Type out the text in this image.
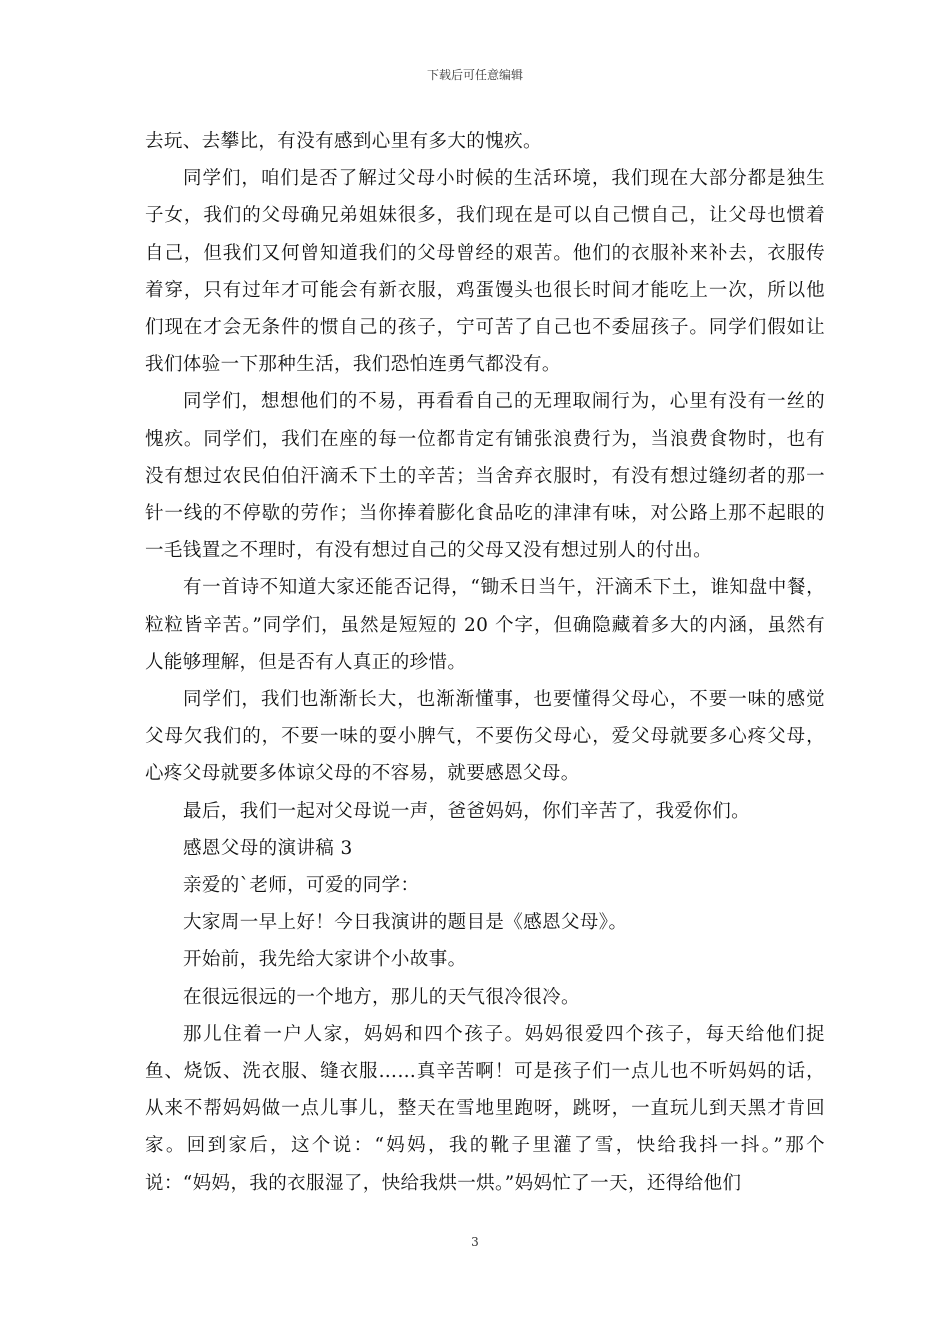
下载后可任意编辑

去玩、去攀比，有没有感到心里有多大的愧疚。

同学们，咱们是否了解过父母小时候的生活环境，我们现在大部分都是独生子女，我们的父母确兄弟姐妹很多，我们现在是可以自己惯自己，让父母也惯着自己，但我们又何曾知道我们的父母曾经的艰苦。他们的衣服补来补去，衣服传着穿，只有过年才可能会有新衣服，鸡蛋馒头也很长时间才能吃上一次，所以他们现在才会无条件的惯自己的孩子，宁可苦了自己也不委屈孩子。同学们假如让我们体验一下那种生活，我们恐怕连勇气都没有。

同学们，想想他们的不易，再看看自己的无理取闹行为，心里有没有一丝的愧疚。同学们，我们在座的每一位都肯定有铺张浪费行为，当浪费食物时，也有没有想过农民伯伯汗滴禾下土的辛苦；当舍弃衣服时，有没有想过缝纫者的那一针一线的不停歇的劳作；当你捧着膨化食品吃的津津有味，对公路上那不起眼的一毛钱置之不理时，有没有想过自己的父母又没有想过别人的付出。

有一首诗不知道大家还能否记得，“锄禾日当午，汗滴禾下土，谁知盘中餐，粒粒皆辛苦。”同学们，虽然是短短的 20 个字，但确隐藏着多大的内涵，虽然有人能够理解，但是否有人真正的珍惜。

同学们，我们也渐渐长大，也渐渐懂事，也要懂得父母心，不要一味的感觉父母欠我们的，不要一味的耍小脾气，不要伤父母心，爱父母就要多心疼父母，心疼父母就要多体谅父母的不容易，就要感恩父母。

最后，我们一起对父母说一声，爸爸妈妈，你们辛苦了，我爱你们。

感恩父母的演讲稿 3

亲爱的`老师，可爱的同学：

大家周一早上好！今日我演讲的题目是《感恩父母》。

开始前，我先给大家讲个小故事。

在很远很远的一个地方，那儿的天气很冷很冷。

那儿住着一户人家，妈妈和四个孩子。妈妈很爱四个孩子，每天给他们捉鱼、烧饭、洗衣服、缝衣服……真辛苦啊！可是孩子们一点儿也不听妈妈的话，从来不帮妈妈做一点儿事儿，整天在雪地里跑呀，跳呀，一直玩儿到天黑才肯回家。回到家后，这个说：“妈妈，我的靴子里灌了雪，快给我抖一抖。”那个说：“妈妈，我的衣服湿了，快给我烘一烘。”妈妈忙了一天，还得给他们

3
